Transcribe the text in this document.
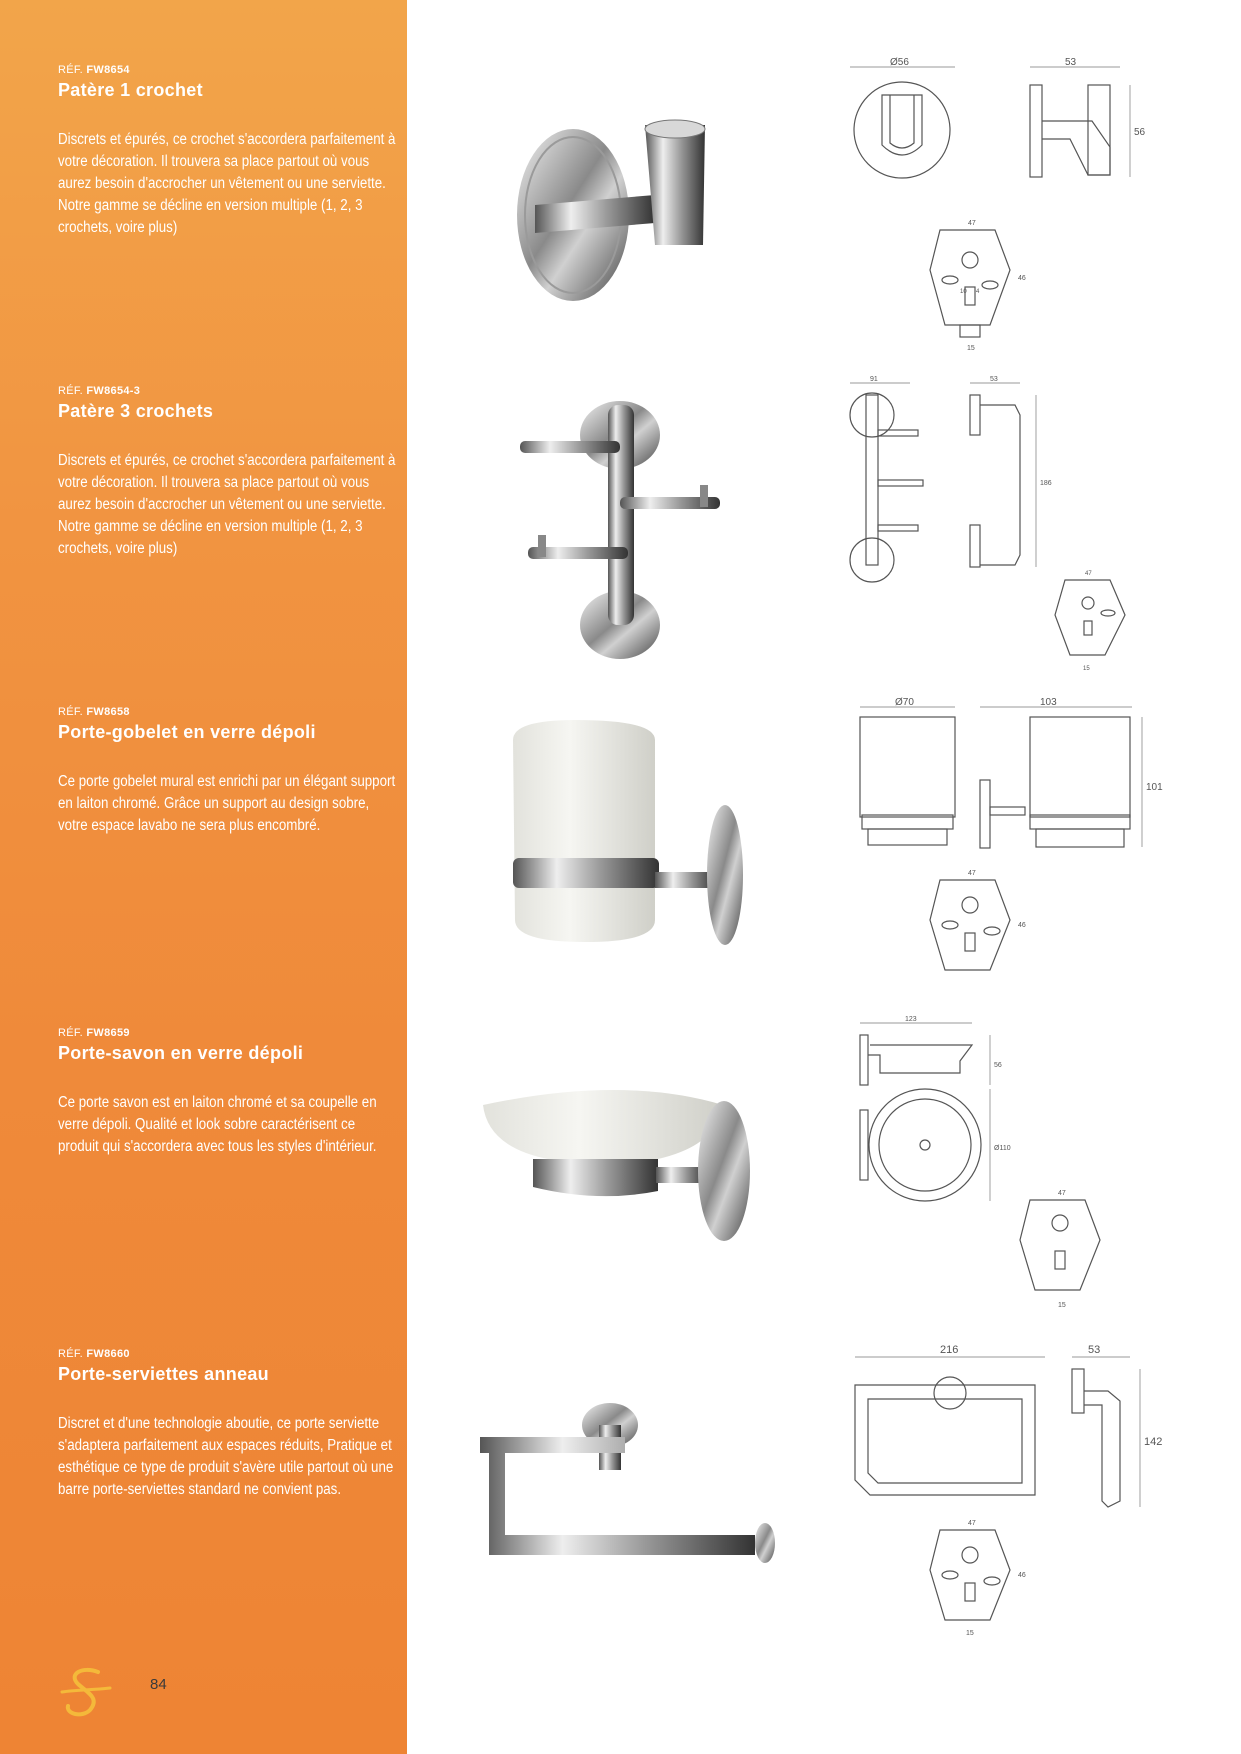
RÉF. FW8654
Patère 1 crochet
Discrets et épurés, ce crochet s'accordera parfaitement à votre décoration. Il trouvera sa place partout où vous aurez besoin d'accrocher un vêtement ou une serviette. Notre gamme se décline en version multiple (1, 2, 3 crochets, voire plus)
RÉF. FW8654-3
Patère 3 crochets
Discrets et épurés, ce crochet s'accordera parfaitement à votre décoration. Il trouvera sa place partout où vous aurez besoin d'accrocher un vêtement ou une serviette. Notre gamme se décline en version multiple (1, 2, 3 crochets, voire plus)
RÉF. FW8658
Porte-gobelet en verre dépoli
Ce porte gobelet mural est enrichi par un élégant support en laiton chromé. Grâce un support au design sobre, votre espace lavabo ne sera plus encombré.
RÉF. FW8659
Porte-savon en verre dépoli
Ce porte savon est en laiton chromé et sa coupelle en verre dépoli. Qualité et look sobre caractérisent ce produit qui s'accordera avec tous les styles d'intérieur.
RÉF. FW8660
Porte-serviettes anneau
Discret et d'une technologie aboutie, ce porte serviette s'adaptera parfaitement aux espaces réduits, Pratique et esthétique ce type de produit s'avère utile partout où une barre porte-serviettes standard ne convient pas.
84
Ø56	53
56
47
46
15
91	53
186
47
15
Ø70	103
101
47
46
123
56
Ø110
47
15
216	53
142
47
46
15
10 4
